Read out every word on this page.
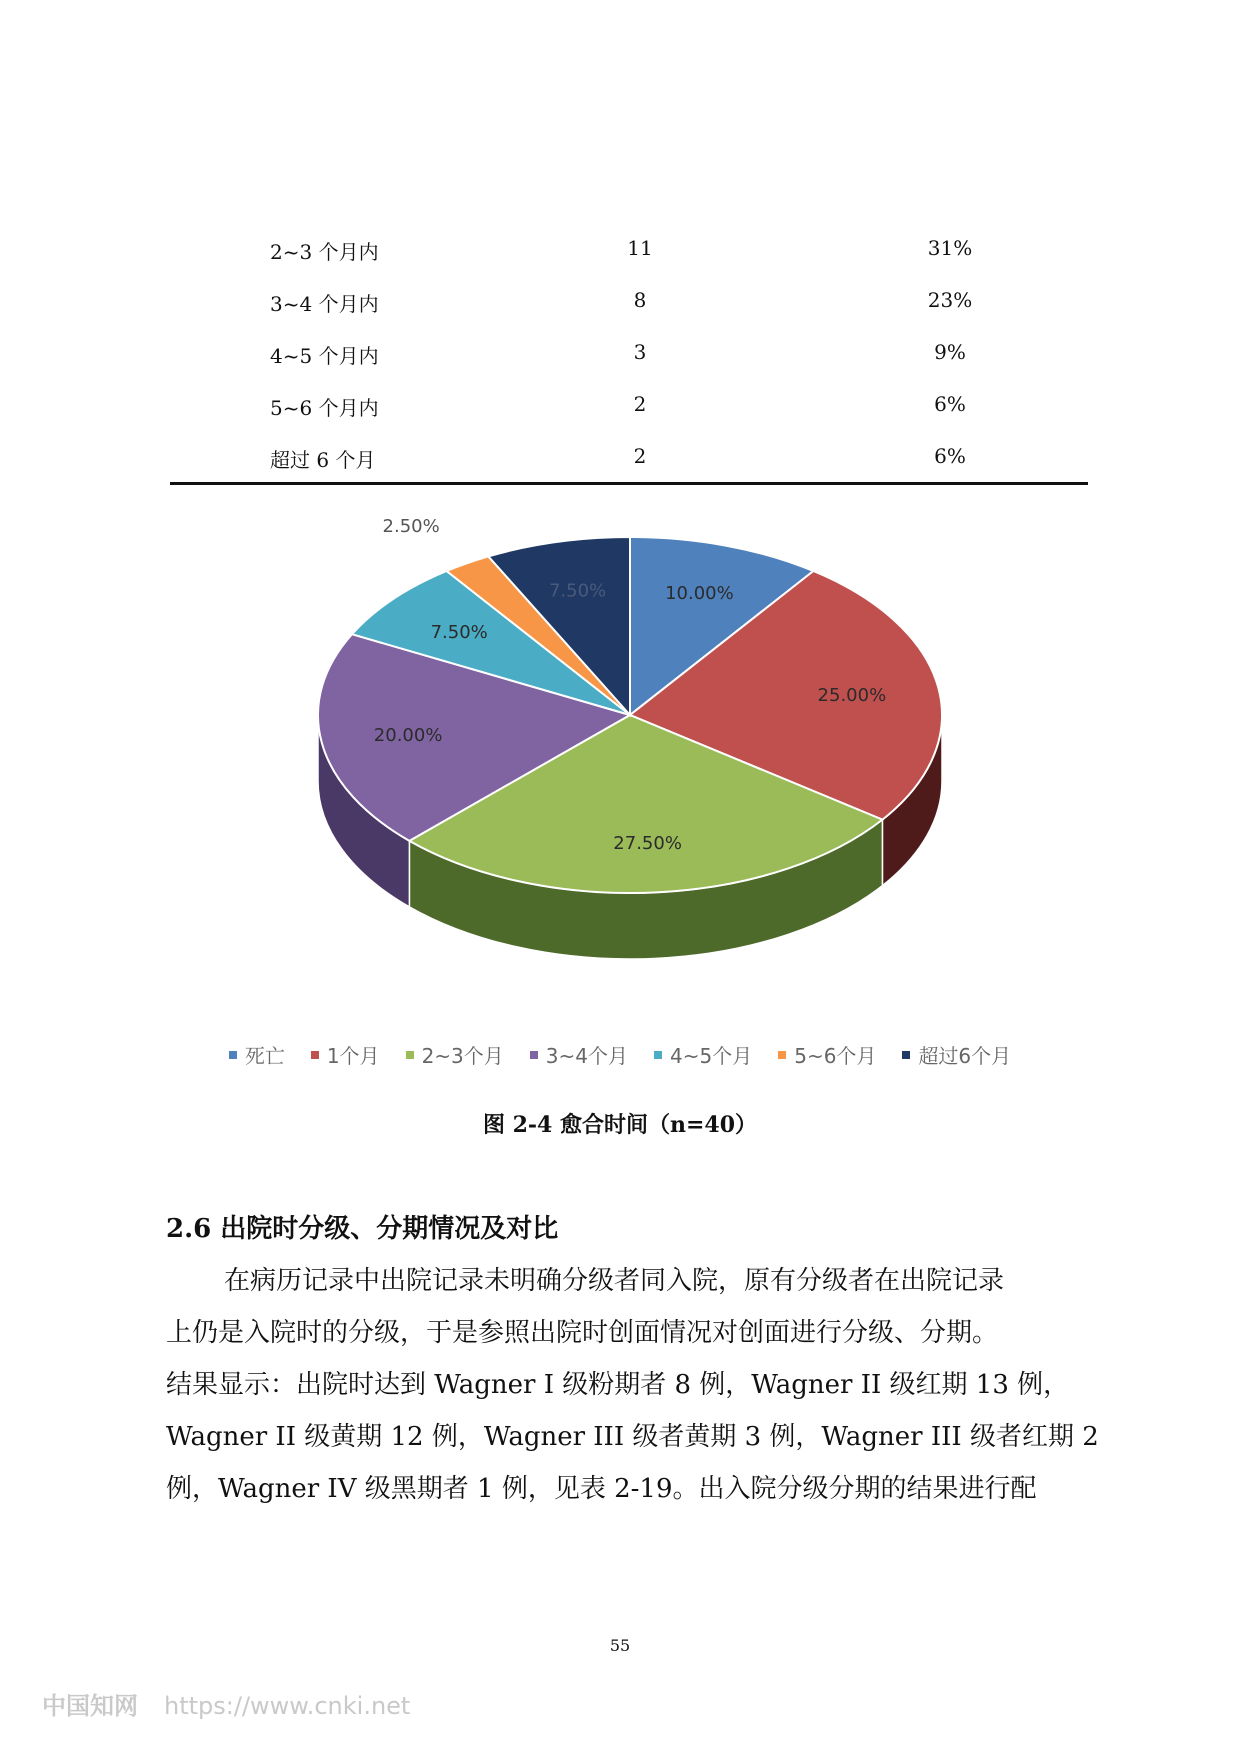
2~3 个月内	11	31%
3~4 个月内	8	23%
4~5 个月内	3	9%
5~6 个月内	2	6%
超过 6 个月	2	6%
10.00%
25.00%
27.50%
20.00%
7.50%
2.50%
7.50%
死亡 1个月 2~3个月 3~4个月 4~5个月 5~6个月 超过6个月
图 2-4 愈合时间（n=40）
2.6 出院时分级、分期情况及对比

在病历记录中出院记录未明确分级者同入院，原有分级者在出院记录

上仍是入院时的分级，于是参照出院时创面情况对创面进行分级、分期。

结果显示：出院时达到 Wagner I 级粉期者 8 例，Wagner II 级红期 13 例，

Wagner II 级黄期 12 例，Wagner III 级者黄期 3 例，Wagner III 级者红期 2

例，Wagner IV 级黑期者 1 例，见表 2-19。出入院分级分期的结果进行配

55
中国知网 https://www.cnki.net
